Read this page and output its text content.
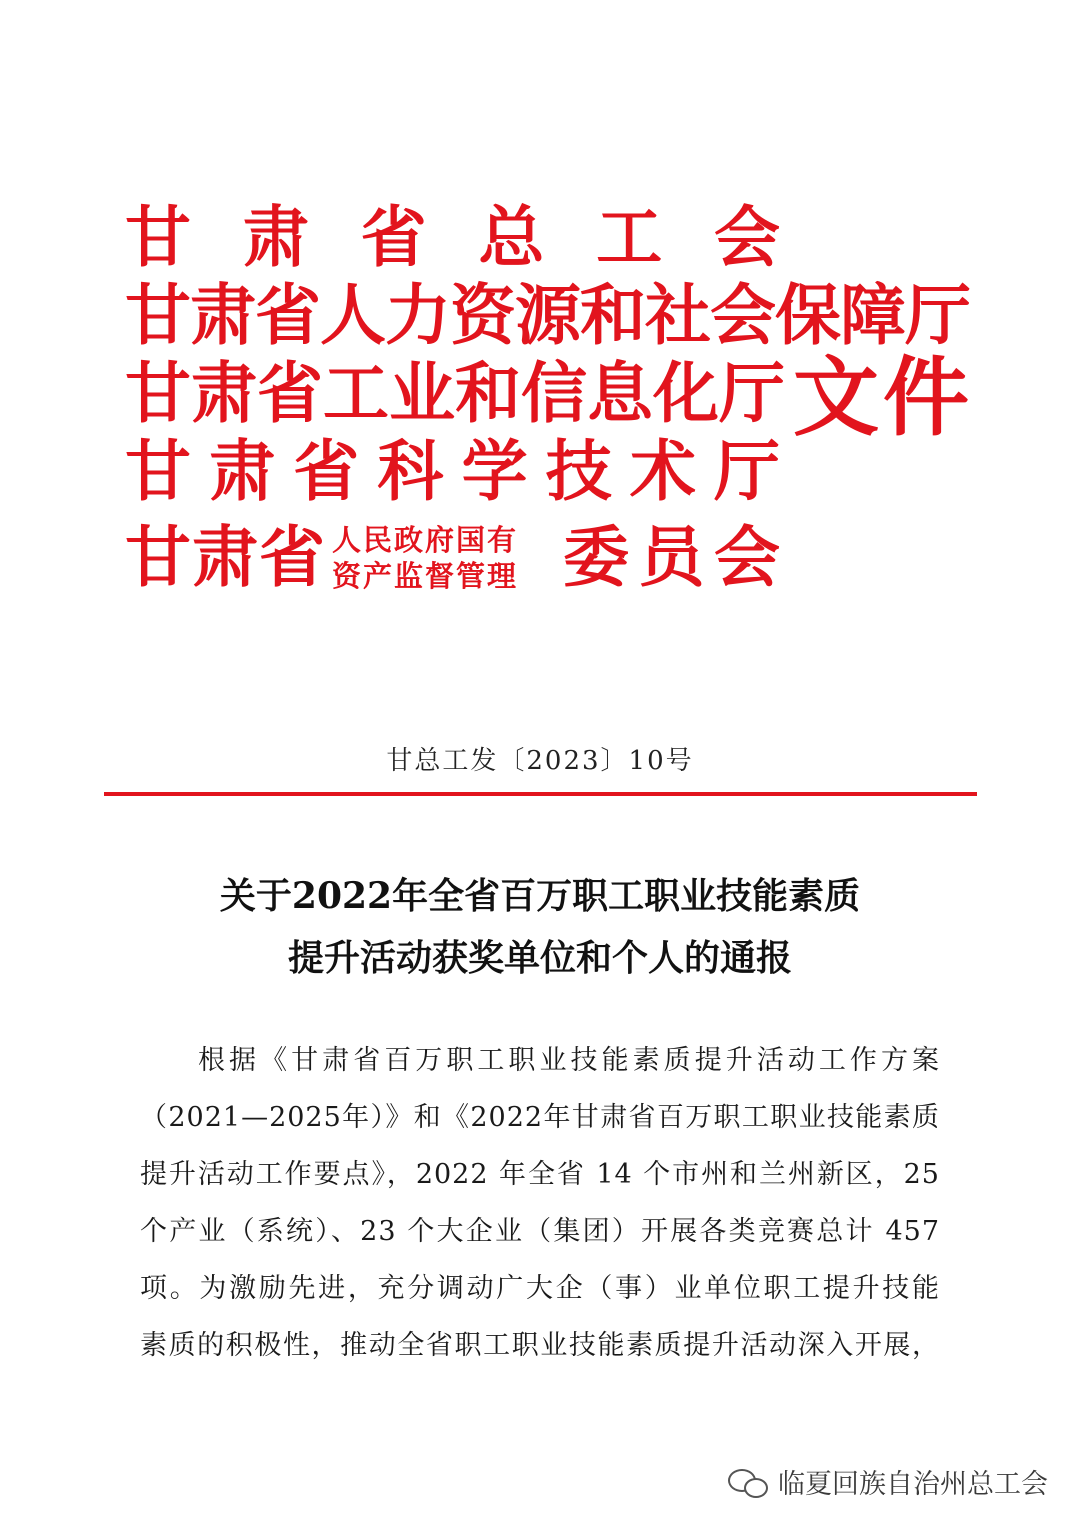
甘 肃 省 总 工 会
甘肃省人力资源和社会保障厅
甘 肃 省 工 业 和 信 息 化 厅
甘 肃 省 科 学 技 术 厅
甘 肃 省 人民政府国有
资产监督管理 委 员 会
文件
甘总工发〔2023〕10号
关于2022年全省百万职工职业技能素质
提升活动获奖单位和个人的通报
根据《甘肃省百万职工职业技能素质提升活动工作方案
（2021—2025年）》和《2022年甘肃省百万职工职业技能素质
提升活动工作要点》，2022 年全省 14 个市州和兰州新区，25
个产业（系统）、23 个大企业（集团）开展各类竞赛总计 457
项。为激励先进，充分调动广大企（事）业单位职工提升技能
素质的积极性，推动全省职工职业技能素质提升活动深入开展，
临夏回族自治州总工会
